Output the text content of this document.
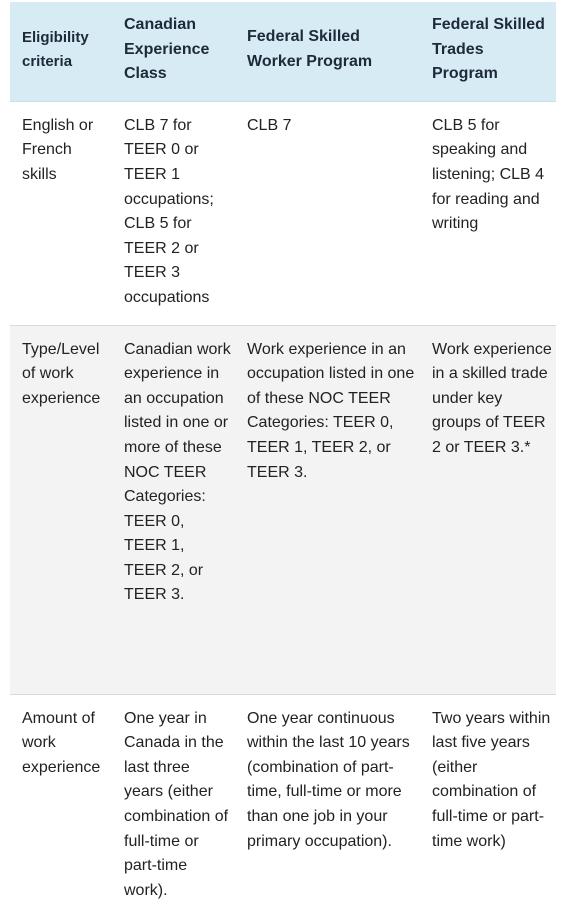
Eligibility criteria	Canadian Experience Class	Federal Skilled Worker Program	Federal Skilled Trades Program
English or French skills	CLB 7 for TEER 0 or TEER 1 occupations; CLB 5 for TEER 2 or TEER 3 occupations	CLB 7	CLB 5 for speaking and listening; CLB 4 for reading and writing
Type/Level of work experience	Canadian work experience in an occupation listed in one or more of these NOC TEER Categories: TEER 0, TEER 1, TEER 2, or TEER 3.	Work experience in an occupation listed in one of these NOC TEER Categories: TEER 0, TEER 1, TEER 2, or TEER 3.	Work experience in a skilled trade under key groups of TEER 2 or TEER 3.*
Amount of work experience	One year in Canada in the last three years (either combination of full-time or part-time work).	One year continuous within the last 10 years (combination of part-time, full-time or more than one job in your primary occupation).	Two years within last five years (either combination of full-time or part-time work)
